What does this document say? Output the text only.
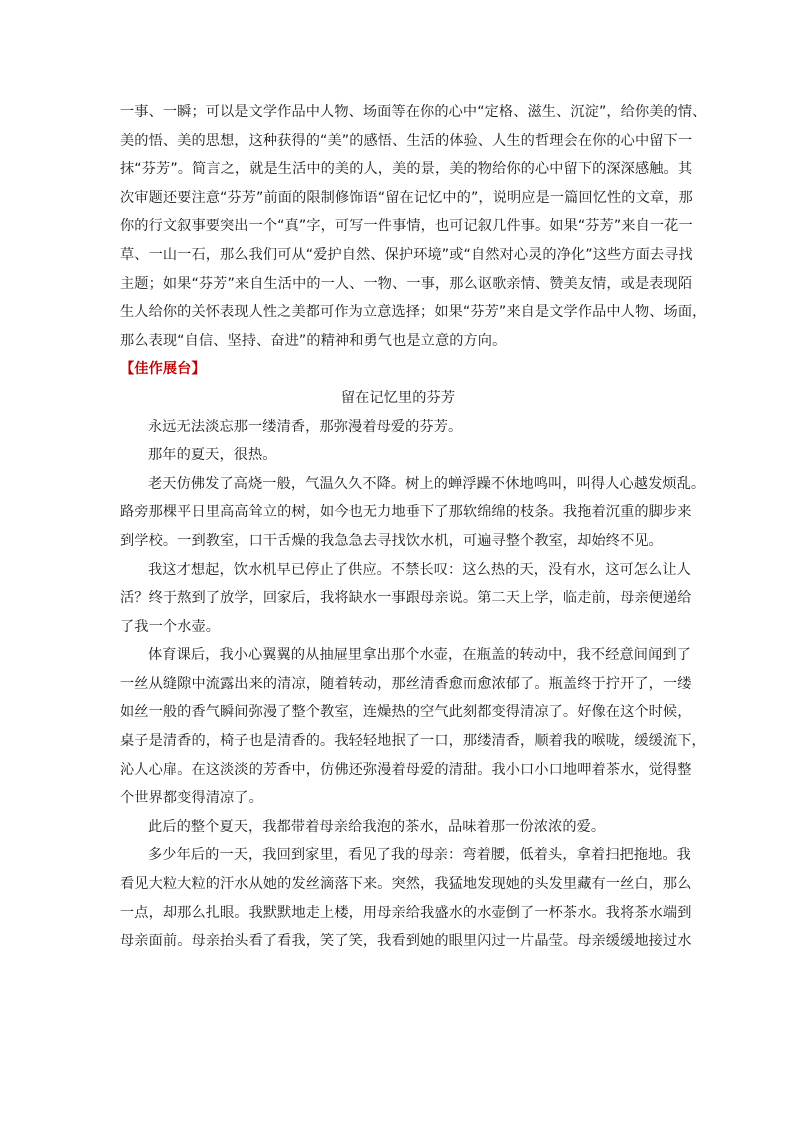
一事、一瞬；可以是文学作品中人物、场面等在你的心中“定格、滋生、沉淀”，给你美的情、
美的悟、美的思想，这种获得的“美”的感悟、生活的体验、人生的哲理会在你的心中留下一
抹“芬芳”。简言之，就是生活中的美的人，美的景，美的物给你的心中留下的深深感触。其
次审题还要注意“芬芳”前面的限制修饰语“留在记忆中的”，说明应是一篇回忆性的文章，那
你的行文叙事要突出一个“真”字，可写一件事情，也可记叙几件事。如果“芬芳”来自一花一
草、一山一石，那么我们可从“爱护自然、保护环境”或“自然对心灵的净化”这些方面去寻找
主题；如果“芬芳”来自生活中的一人、一物、一事，那么讴歌亲情、赞美友情，或是表现陌
生人给你的关怀表现人性之美都可作为立意选择；如果“芬芳”来自是文学作品中人物、场面，
那么表现“自信、坚持、奋进”的精神和勇气也是立意的方向。
【佳作展台】
留在记忆里的芬芳
永远无法淡忘那一缕清香，那弥漫着母爱的芬芳。
那年的夏天，很热。
老天仿佛发了高烧一般，气温久久不降。树上的蝉浮躁不休地鸣叫，叫得人心越发烦乱。
路旁那棵平日里高高耸立的树，如今也无力地垂下了那软绵绵的枝条。我拖着沉重的脚步来
到学校。一到教室，口干舌燥的我急急去寻找饮水机，可遍寻整个教室，却始终不见。
我这才想起，饮水机早已停止了供应。不禁长叹：这么热的天，没有水，这可怎么让人
活？终于熬到了放学，回家后，我将缺水一事跟母亲说。第二天上学，临走前，母亲便递给
了我一个水壶。
体育课后，我小心翼翼的从抽屉里拿出那个水壶，在瓶盖的转动中，我不经意间闻到了
一丝从缝隙中流露出来的清凉，随着转动，那丝清香愈而愈浓郁了。瓶盖终于拧开了，一缕
如丝一般的香气瞬间弥漫了整个教室，连燥热的空气此刻都变得清凉了。好像在这个时候，
桌子是清香的，椅子也是清香的。我轻轻地抿了一口，那缕清香，顺着我的喉咙，缓缓流下，
沁人心扉。在这淡淡的芳香中，仿佛还弥漫着母爱的清甜。我小口小口地呷着茶水，觉得整
个世界都变得清凉了。
此后的整个夏天，我都带着母亲给我泡的茶水，品味着那一份浓浓的爱。
多少年后的一天，我回到家里，看见了我的母亲：弯着腰，低着头，拿着扫把拖地。我
看见大粒大粒的汗水从她的发丝滴落下来。突然，我猛地发现她的头发里藏有一丝白，那么
一点，却那么扎眼。我默默地走上楼，用母亲给我盛水的水壶倒了一杯茶水。我将茶水端到
母亲面前。母亲抬头看了看我，笑了笑，我看到她的眼里闪过一片晶莹。母亲缓缓地接过水
